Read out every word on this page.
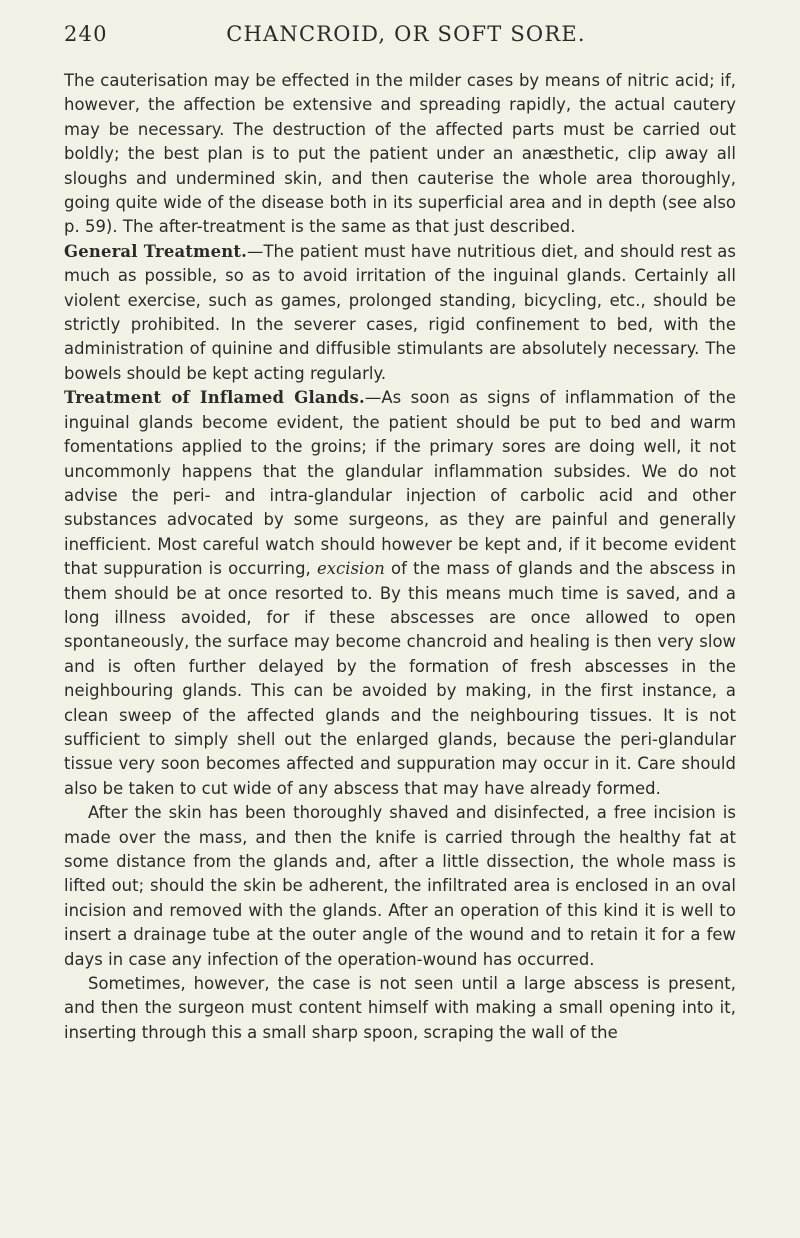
240	CHANCROID, OR SOFT SORE.

The cauterisation may be effected in the milder cases by means of nitric acid; if, however, the affection be extensive and spreading rapidly, the actual cautery may be necessary. The destruction of the affected parts must be carried out boldly; the best plan is to put the patient under an anæsthetic, clip away all sloughs and undermined skin, and then cauterise the whole area thoroughly, going quite wide of the disease both in its superficial area and in depth (see also p. 59). The after-treatment is the same as that just described.

General Treatment.—The patient must have nutritious diet, and should rest as much as possible, so as to avoid irritation of the inguinal glands. Certainly all violent exercise, such as games, prolonged standing, bicycling, etc., should be strictly prohibited. In the severer cases, rigid confinement to bed, with the administration of quinine and diffusible stimulants are absolutely necessary. The bowels should be kept acting regularly.

Treatment of Inflamed Glands.—As soon as signs of inflammation of the inguinal glands become evident, the patient should be put to bed and warm fomentations applied to the groins; if the primary sores are doing well, it not uncommonly happens that the glandular inflammation subsides. We do not advise the peri- and intra-glandular injection of carbolic acid and other substances advocated by some surgeons, as they are painful and generally inefficient. Most careful watch should however be kept and, if it become evident that suppuration is occurring, excision of the mass of glands and the abscess in them should be at once resorted to. By this means much time is saved, and a long illness avoided, for if these abscesses are once allowed to open spontaneously, the surface may become chancroid and healing is then very slow and is often further delayed by the formation of fresh abscesses in the neighbouring glands. This can be avoided by making, in the first instance, a clean sweep of the affected glands and the neighbouring tissues. It is not sufficient to simply shell out the enlarged glands, because the peri-glandular tissue very soon becomes affected and suppuration may occur in it. Care should also be taken to cut wide of any abscess that may have already formed.

After the skin has been thoroughly shaved and disinfected, a free incision is made over the mass, and then the knife is carried through the healthy fat at some distance from the glands and, after a little dissection, the whole mass is lifted out; should the skin be adherent, the infiltrated area is enclosed in an oval incision and removed with the glands. After an operation of this kind it is well to insert a drainage tube at the outer angle of the wound and to retain it for a few days in case any infection of the operation-wound has occurred.

Sometimes, however, the case is not seen until a large abscess is present, and then the surgeon must content himself with making a small opening into it, inserting through this a small sharp spoon, scraping the wall of the
